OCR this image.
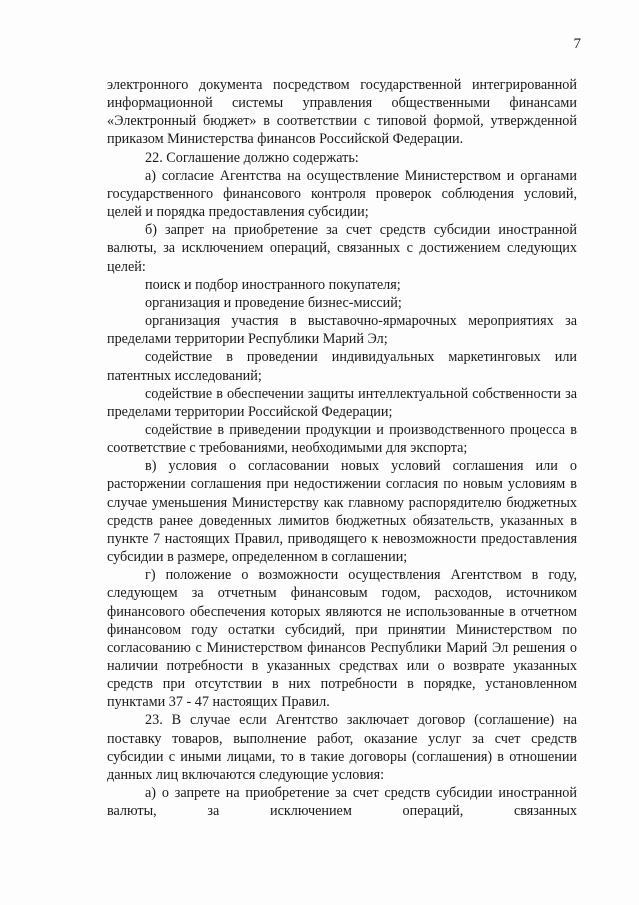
7

электронного документа посредством государственной интегрированной информационной системы управления общественными финансами «Электронный бюджет» в соответствии с типовой формой, утвержденной приказом Министерства финансов Российской Федерации.

22. Соглашение должно содержать:

а) согласие Агентства на осуществление Министерством и органами государственного финансового контроля проверок соблюдения условий, целей и порядка предоставления субсидии;

б) запрет на приобретение за счет средств субсидии иностранной валюты, за исключением операций, связанных с достижением следующих целей:

поиск и подбор иностранного покупателя;

организация и проведение бизнес-миссий;

организация участия в выставочно-ярмарочных мероприятиях за пределами территории Республики Марий Эл;

содействие в проведении индивидуальных маркетинговых или патентных исследований;

содействие в обеспечении защиты интеллектуальной собственности за пределами территории Российской Федерации;

содействие в приведении продукции и производственного процесса в соответствие с требованиями, необходимыми для экспорта;

в) условия о согласовании новых условий соглашения или о расторжении соглашения при недостижении согласия по новым условиям в случае уменьшения Министерству как главному распорядителю бюджетных средств ранее доведенных лимитов бюджетных обязательств, указанных в пункте 7 настоящих Правил, приводящего к невозможности предоставления субсидии в размере, определенном в соглашении;

г) положение о возможности осуществления Агентством в году, следующем за отчетным финансовым годом, расходов, источником финансового обеспечения которых являются не использованные в отчетном финансовом году остатки субсидий, при принятии Министерством по согласованию с Министерством финансов Республики Марий Эл решения о наличии потребности в указанных средствах или о возврате указанных средств при отсутствии в них потребности в порядке, установленном пунктами 37 - 47 настоящих Правил.

23. В случае если Агентство заключает договор (соглашение) на поставку товаров, выполнение работ, оказание услуг за счет средств субсидии с иными лицами, то в такие договоры (соглашения) в отношении данных лиц включаются следующие условия:

а) о запрете на приобретение за счет средств субсидии иностранной валюты, за исключением операций, связанных
